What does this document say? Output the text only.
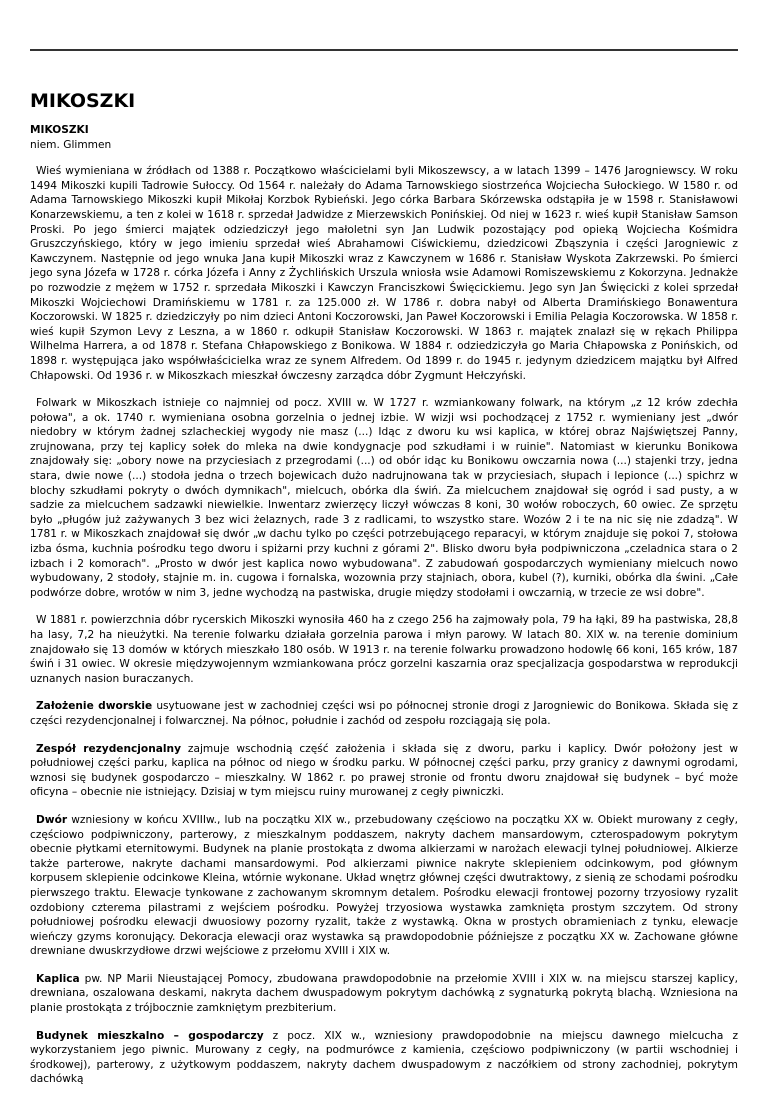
MIKOSZKI
MIKOSZKI
niem. Glimmen

Wieś wymieniana w źródłach od 1388 r. Początkowo właścicielami byli Mikoszewscy, a w latach 1399 – 1476 Jarogniewscy. W roku 1494 Mikoszki kupili Tadrowie Sułoccy. Od 1564 r. należały do Adama Tarnowskiego siostrzeńca Wojciecha Sułockiego. W 1580 r. od Adama Tarnowskiego Mikoszki kupił Mikołaj Korzbok Rybieński. Jego córka Barbara Skórzewska odstąpiła je w 1598 r. Stanisławowi Konarzewskiemu, a ten z kolei w 1618 r. sprzedał Jadwidze z Mierzewskich Ponińskiej. Od niej w 1623 r. wieś kupił Stanisław Samson Proski. Po jego śmierci majątek odziedziczył jego małoletni syn Jan Ludwik pozostający pod opieką Wojciecha Kośmidra Gruszczyńskiego, który w jego imieniu sprzedał wieś Abrahamowi Ciświckiemu, dziedzicowi Zbąszynia i części Jarogniewic z Kawczynem. Następnie od jego wnuka Jana kupił Mikoszki wraz z Kawczynem w 1686 r. Stanisław Wyskota Zakrzewski. Po śmierci jego syna Józefa w 1728 r. córka Józefa i Anny z Żychlińskich Urszula wniosła wsie Adamowi Romiszewskiemu z Kokorzyna. Jednakże po rozwodzie z mężem w 1752 r. sprzedała Mikoszki i Kawczyn Franciszkowi Święcickiemu. Jego syn Jan Święcicki z kolei sprzedał Mikoszki Wojciechowi Dramińskiemu w 1781 r. za 125.000 zł. W 1786 r. dobra nabył od Alberta Dramińskiego Bonawentura Koczorowski. W 1825 r. dziedziczyły po nim dzieci Antoni Koczorowski, Jan Paweł Koczorowski i Emilia Pelagia Koczorowska. W 1858 r. wieś kupił Szymon Levy z Leszna, a w 1860 r. odkupił Stanisław Koczorowski. W 1863 r. majątek znalazł się w rękach Philippa Wilhelma Harrera, a od 1878 r. Stefana Chłapowskiego z Bonikowa. W 1884 r. odziedziczyła go Maria Chłapowska z Ponińskich, od 1898 r. występująca jako współwłaścicielka wraz ze synem Alfredem. Od 1899 r. do 1945 r. jedynym dziedzicem majątku był Alfred Chłapowski. Od 1936 r. w Mikoszkach mieszkał ówczesny zarządca dóbr Zygmunt Hełczyński.

Folwark w Mikoszkach istnieje co najmniej od pocz. XVIII w. W 1727 r. wzmiankowany folwark, na którym „z 12 krów zdechła połowa", a ok. 1740 r. wymieniana osobna gorzelnia o jednej izbie. W wizji wsi pochodzącej z 1752 r. wymieniany jest „dwór niedobry w którym żadnej szlacheckiej wygody nie masz (...) Idąc z dworu ku wsi kaplica, w której obraz Najświętszej Panny, zrujnowana, przy tej kaplicy sołek do mleka na dwie kondygnacje pod szkudłami i w ruinie". Natomiast w kierunku Bonikowa znajdowały się: „obory nowe na przyciesiach z przegrodami (...) od obór idąc ku Bonikowu owczarnia nowa (...) stajenki trzy, jedna stara, dwie nowe (...) stodoła jedna o trzech bojewicach dużo nadrujnowana tak w przyciesiach, słupach i lepionce (...) spichrz w blochy szkudłami pokryty o dwóch dymnikach", mielcuch, obórka dla świń. Za mielcuchem znajdował się ogród i sad pusty, a w sadzie za mielcuchem sadzawki niewielkie. Inwentarz zwierzęcy liczył wówczas 8 koni, 30 wołów roboczych, 60 owiec. Ze sprzętu było „pługów już zażywanych 3 bez wici żelaznych, rade 3 z radlicami, to wszystko stare. Wozów 2 i te na nic się nie zdadzą". W 1781 r. w Mikoszkach znajdował się dwór „w dachu tylko po części potrzebującego reparacyi, w którym znajduje się pokoi 7, stołowa izba ósma, kuchnia pośrodku tego dworu i spiżarni przy kuchni z górami 2". Blisko dworu była podpiwniczona „czeladnica stara o 2 izbach i 2 komorach". „Prosto w dwór jest kaplica nowo wybudowana". Z zabudowań gospodarczych wymieniany mielcuch nowo wybudowany, 2 stodoły, stajnie m. in. cugowa i fornalska, wozownia przy stajniach, obora, kubel (?), kurniki, obórka dla świni. „Całe podwórze dobre, wrotów w nim 3, jedne wychodzą na pastwiska, drugie między stodołami i owczarnią, w trzecie ze wsi dobre".

W 1881 r. powierzchnia dóbr rycerskich Mikoszki wynosiła 460 ha z czego 256 ha zajmowały pola, 79 ha łąki, 89 ha pastwiska, 28,8 ha lasy, 7,2 ha nieużytki. Na terenie folwarku działała gorzelnia parowa i młyn parowy. W latach 80. XIX w. na terenie dominium znajdowało się 13 domów w których mieszkało 180 osób. W 1913 r. na terenie folwarku prowadzono hodowlę 66 koni, 165 krów, 187 świń i 31 owiec. W okresie międzywojennym wzmiankowana prócz gorzelni kaszarnia oraz specjalizacja gospodarstwa w reprodukcji uznanych nasion buraczanych.

Założenie dworskie usytuowane jest w zachodniej części wsi po północnej stronie drogi z Jarogniewic do Bonikowa. Składa się z części rezydencjonalnej i folwarcznej. Na północ, południe i zachód od zespołu rozciągają się pola.

Zespół rezydencjonalny zajmuje wschodnią część założenia i składa się z dworu, parku i kaplicy. Dwór położony jest w południowej części parku, kaplica na północ od niego w środku parku. W północnej części parku, przy granicy z dawnymi ogrodami, wznosi się budynek gospodarczo – mieszkalny. W 1862 r. po prawej stronie od frontu dworu znajdował się budynek – być może oficyna – obecnie nie istniejący. Dzisiaj w tym miejscu ruiny murowanej z cegły piwniczki.

Dwór wzniesiony w końcu XVIIIw., lub na początku XIX w., przebudowany częściowo na początku XX w. Obiekt murowany z cegły, częściowo podpiwniczony, parterowy, z mieszkalnym poddaszem, nakryty dachem mansardowym, czterospadowym pokrytym obecnie płytkami eternitowymi. Budynek na planie prostokąta z dwoma alkierzami w narożach elewacji tylnej południowej. Alkierze także parterowe, nakryte dachami mansardowymi. Pod alkierzami piwnice nakryte sklepieniem odcinkowym, pod głównym korpusem sklepienie odcinkowe Kleina, wtórnie wykonane. Układ wnętrz głównej części dwutraktowy, z sienią ze schodami pośrodku pierwszego traktu. Elewacje tynkowane z zachowanym skromnym detalem. Pośrodku elewacji frontowej pozorny trzyosiowy ryzalit ozdobiony czterema pilastrami z wejściem pośrodku. Powyżej trzyosiowa wystawka zamknięta prostym szczytem. Od strony południowej pośrodku elewacji dwuosiowy pozorny ryzalit, także z wystawką. Okna w prostych obramieniach z tynku, elewacje wieńczy gzyms koronujący. Dekoracja elewacji oraz wystawka są prawdopodobnie późniejsze z początku XX w. Zachowane główne drewniane dwuskrzydłowe drzwi wejściowe z przełomu XVIII i XIX w.

Kaplica pw. NP Marii Nieustającej Pomocy, zbudowana prawdopodobnie na przełomie XVIII i XIX w. na miejscu starszej kaplicy, drewniana, oszalowana deskami, nakryta dachem dwuspadowym pokrytym dachówką z sygnaturką pokrytą blachą. Wzniesiona na planie prostokąta z trójbocznie zamkniętym prezbiterium.

Budynek mieszkalno – gospodarczy z pocz. XIX w., wzniesiony prawdopodobnie na miejscu dawnego mielcucha z wykorzystaniem jego piwnic. Murowany z cegły, na podmurówce z kamienia, częściowo podpiwniczony (w partii wschodniej i środkowej), parterowy, z użytkowym poddaszem, nakryty dachem dwuspadowym z naczółkiem od strony zachodniej, pokrytym dachówką
